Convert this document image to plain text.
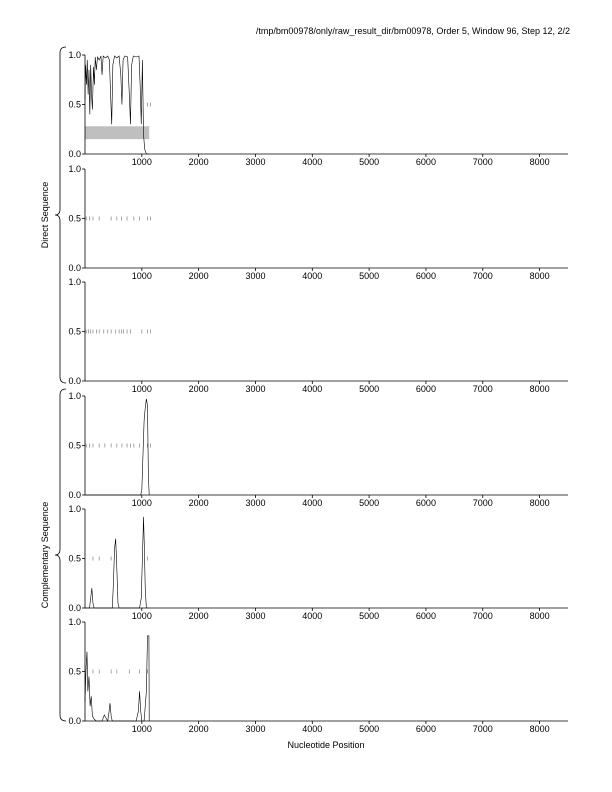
/tmp/bm00978/only/raw_result_dir/bm00978, Order 5, Window 96, Step 12, 2/2
0.0
0.5
1.0
1000	2000	3000	4000	5000	6000	7000	8000
0.0
0.5
1.0
1000	2000	3000	4000	5000	6000	7000	8000
0.0
0.5
1.0
1000	2000	3000	4000	5000	6000	7000	8000
0.0
0.5
1.0
1000	2000	3000	4000	5000	6000	7000	8000
0.0
0.5
1.0
1000	2000	3000	4000	5000	6000	7000	8000
0.0
0.5
1.0
1000	2000	3000	4000	5000	6000	7000	8000
Direct Sequence
Complementary Sequence
Nucleotide Position
